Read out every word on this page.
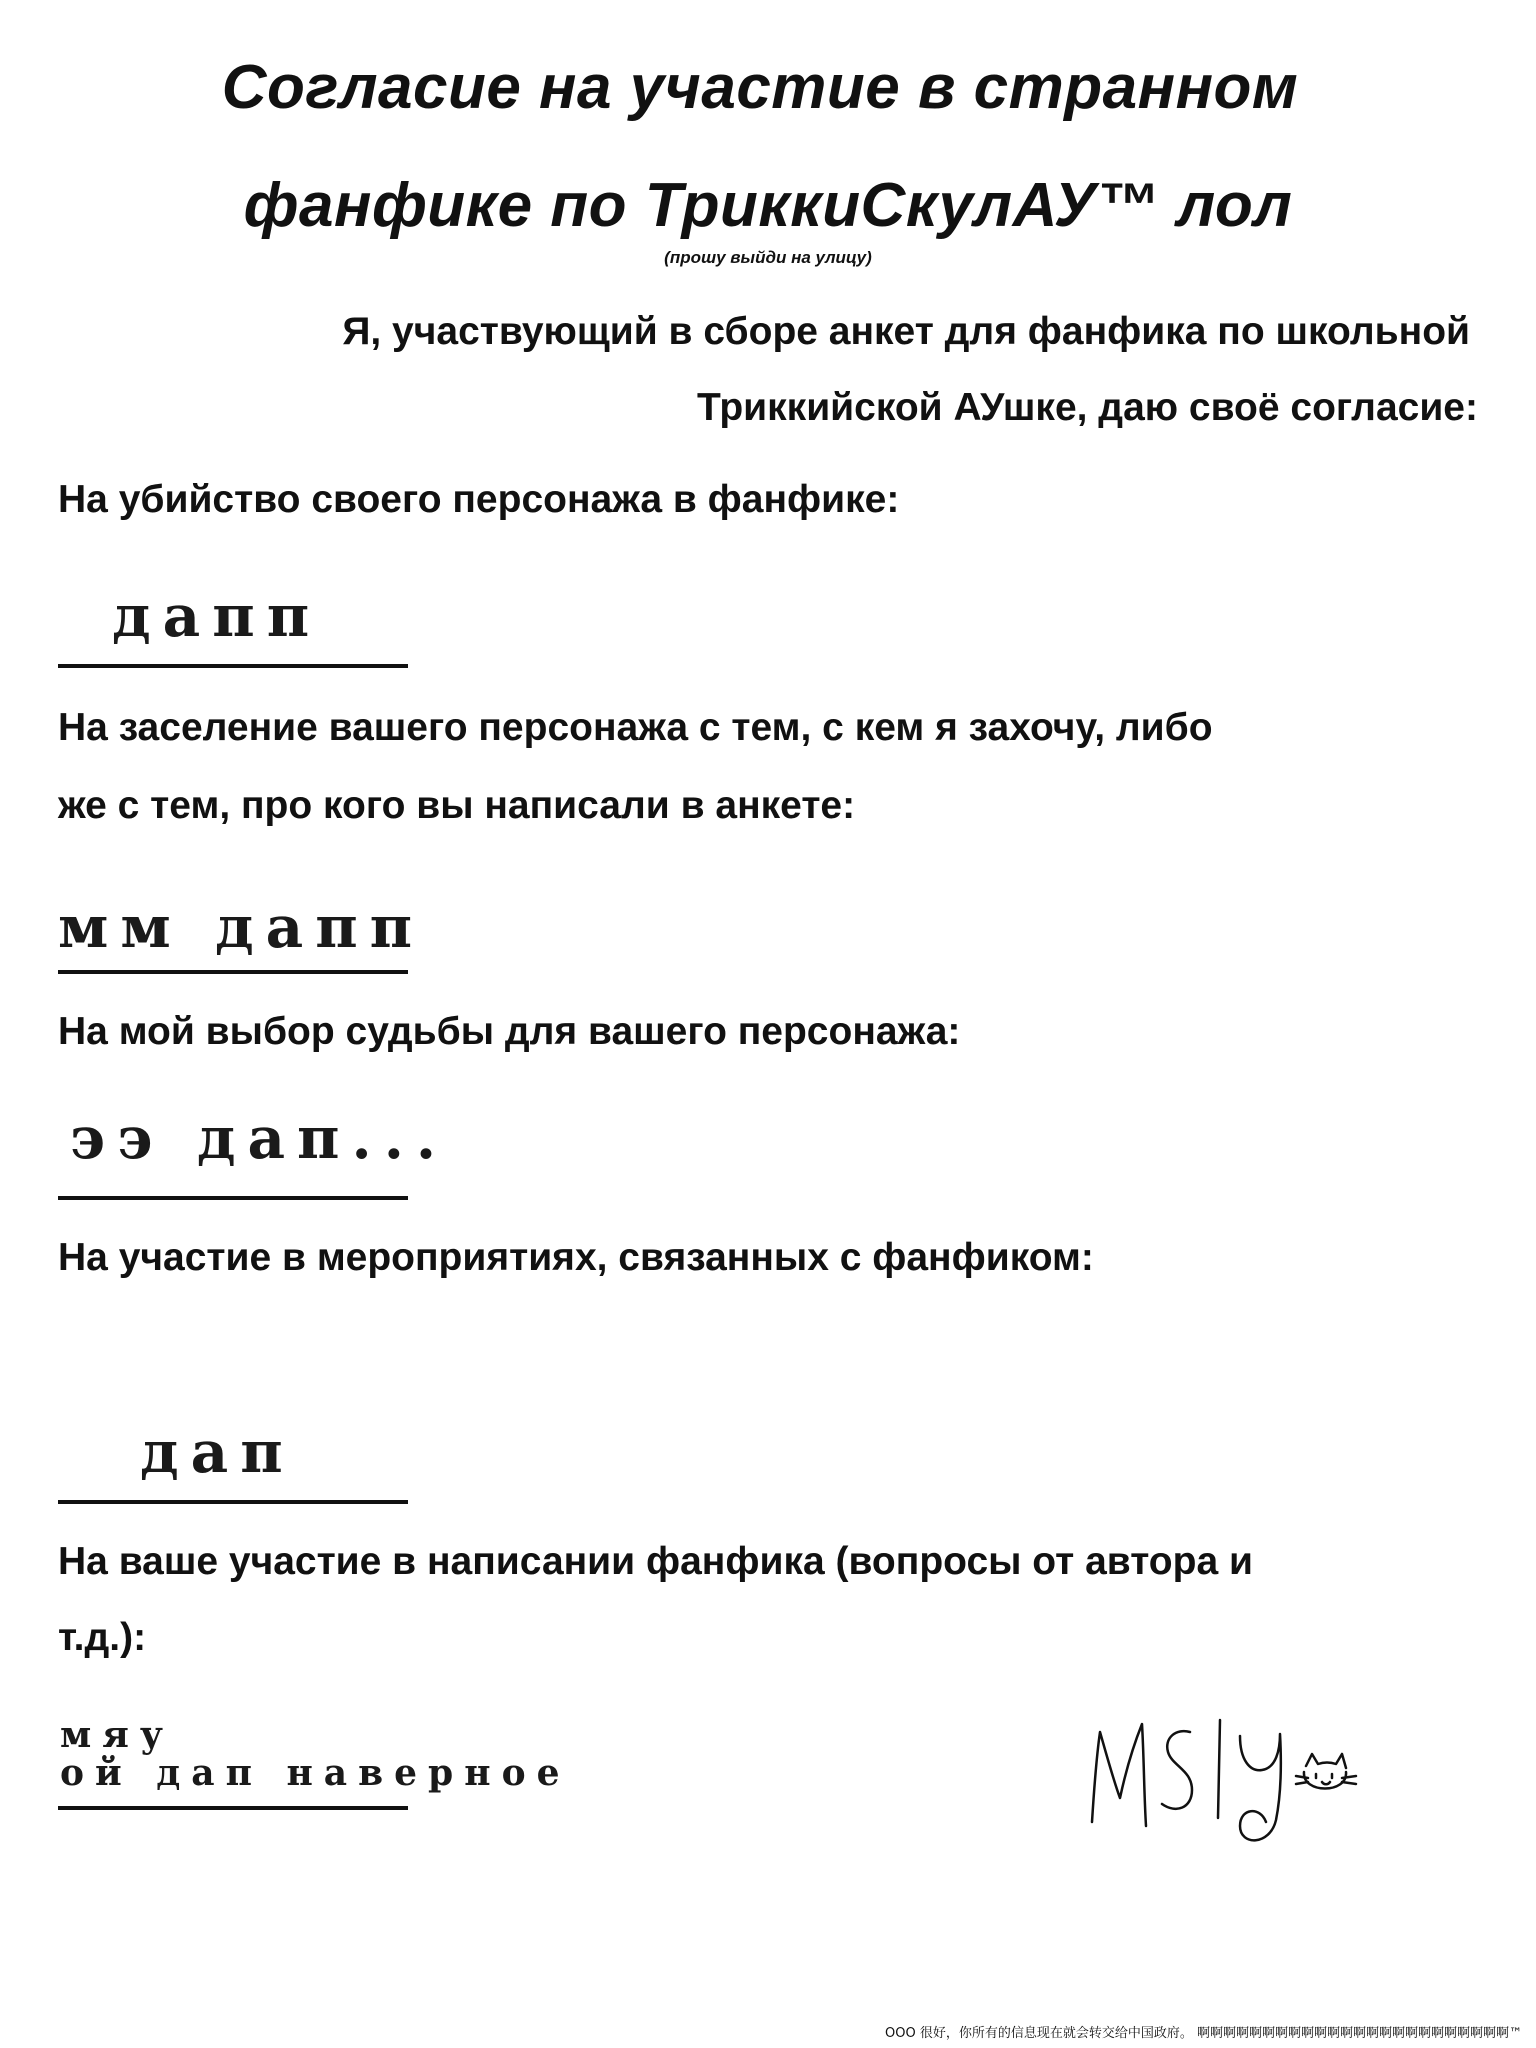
Согласие на участие в странном
фанфике по ТриккиСкулАУ™ лол
(прошу выйди на улицу)
Я, участвующий в сборе анкет для фанфика по школьной
Триккийской АУшке, даю своё согласие:
На убийство своего персонажа в фанфике:
дапп
На заселение вашего персонажа с тем, с кем я захочу, либо
же с тем, про кого вы написали в анкете:
мм дапп
На мой выбор судьбы для вашего персонажа:
ээ дап...
На участие в мероприятиях, связанных с фанфиком:
дап
На ваше участие в написании фанфика (вопросы от автора и
т.д.):
мяу
ой дап наверное
OOO 很好，你所有的信息现在就会转交给中国政府。 啊啊啊啊啊啊啊啊啊啊啊啊啊啊啊啊啊啊啊啊啊啊啊啊™
